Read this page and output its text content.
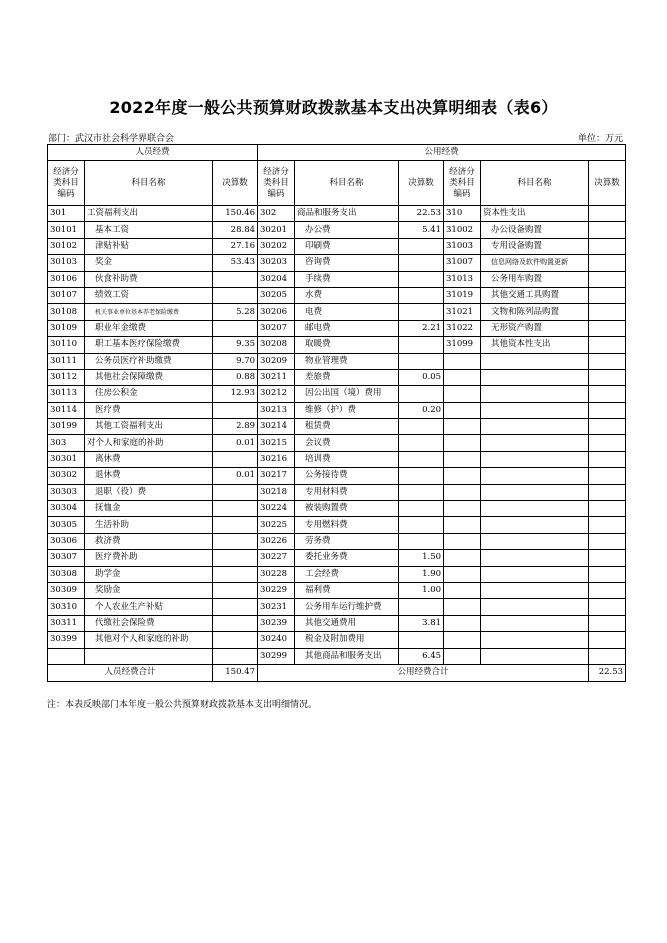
2022年度一般公共预算财政拨款基本支出决算明细表（表6）
部门：武汉市社会科学界联合会	单位：万元
人员经费			公用经费					
经济分类科目编码	科目名称	决算数	经济分类科目编码	科目名称	决算数	经济分类科目编码	科目名称	决算数
301	工资福利支出	150.46	302	商品和服务支出	22.53	310	资本性支出	
30101	基本工资	28.84	30201	办公费	5.41	31002	办公设备购置	
30102	津贴补贴	27.16	30202	印刷费		31003	专用设备购置	
30103	奖金	53.43	30203	咨询费		31007	信息网络及软件购置更新	
30106	伙食补助费		30204	手续费		31013	公务用车购置	
30107	绩效工资		30205	水费		31019	其他交通工具购置	
30108	机关事业单位基本养老保险缴费	5.28	30206	电费		31021	文物和陈列品购置	
30109	职业年金缴费		30207	邮电费	2.21	31022	无形资产购置	
30110	职工基本医疗保险缴费	9.35	30208	取暖费		31099	其他资本性支出	
30111	公务员医疗补助缴费	9.70	30209	物业管理费				
30112	其他社会保障缴费	0.88	30211	差旅费	0.05			
30113	住房公积金	12.93	30212	因公出国（境）费用				
30114	医疗费		30213	维修（护）费	0.20			
30199	其他工资福利支出	2.89	30214	租赁费				
303	对个人和家庭的补助	0.01	30215	会议费				
30301	离休费		30216	培训费				
30302	退休费	0.01	30217	公务接待费				
30303	退职（役）费		30218	专用材料费				
30304	抚恤金		30224	被装购置费				
30305	生活补助		30225	专用燃料费				
30306	救济费		30226	劳务费				
30307	医疗费补助		30227	委托业务费	1.50			
30308	助学金		30228	工会经费	1.90			
30309	奖励金		30229	福利费	1.00			
30310	个人农业生产补贴		30231	公务用车运行维护费				
30311	代缴社会保险费		30239	其他交通费用	3.81			
30399	其他对个人和家庭的补助		30240	税金及附加费用				
			30299	其他商品和服务支出	6.45			
人员经费合计		150.47	公用经费合计					22.53
注：本表反映部门本年度一般公共预算财政拨款基本支出明细情况。
